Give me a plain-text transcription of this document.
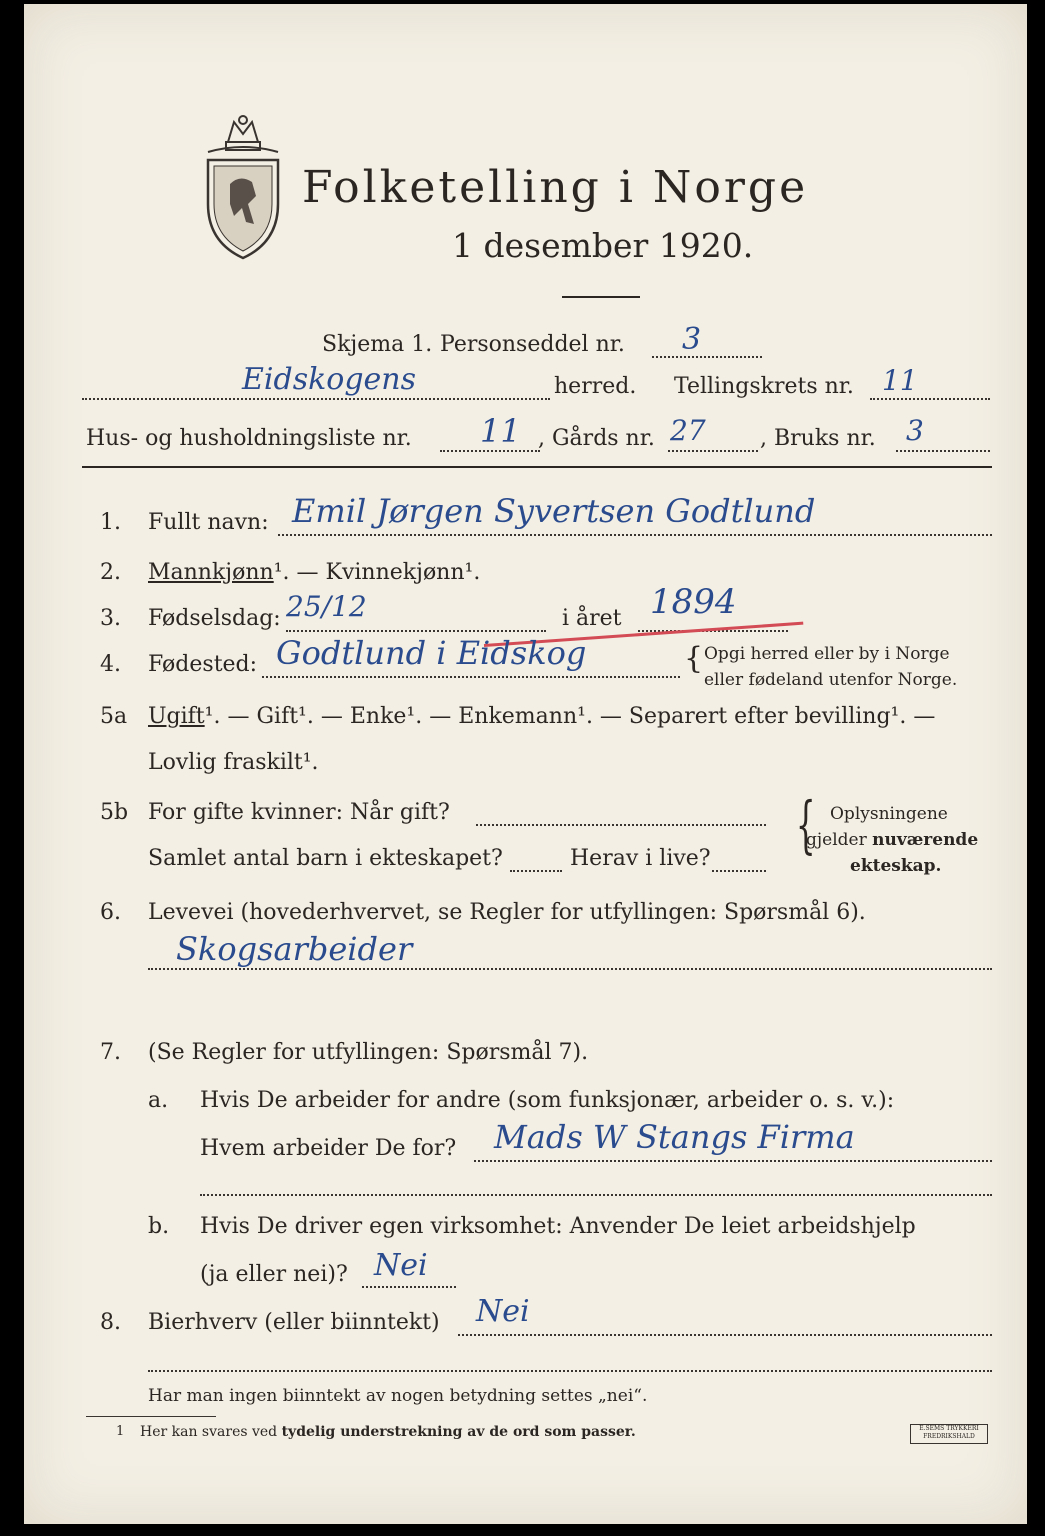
Folketelling i Norge
1 desember 1920.
Skjema 1. Personseddel nr. 3
Eidskogens	herred. Tellingskrets nr. 11
Hus- og husholdningsliste nr. 11 , Gårds nr. 27 , Bruks nr. 3
1. Fullt navn: Emil Jørgen Syvertsen Godtlund
2. Mannkjønn¹. — Kvinnekjønn¹.
3. Fødselsdag: 25/12	i året 1894
4. Fødested: Godtlund i Eidskog	{ Opgi herred eller by i Norge
eller fødeland utenfor Norge.
5a Ugift¹. — Gift¹. — Enke¹. — Enkemann¹. — Separert efter bevilling¹. —
Lovlig fraskilt¹.
5b For gifte kvinner: Når gift?
Samlet antal barn i ekteskapet?	Herav i live? { Oplysningene
gjelder nuværende
ekteskap.
6. Levevei (hovederhvervet, se Regler for utfyllingen: Spørsmål 6).
Skogsarbeider
7. (Se Regler for utfyllingen: Spørsmål 7).
a. Hvis De arbeider for andre (som funksjonær, arbeider o. s. v.):
Hvem arbeider De for? Mads W Stangs Firma
b. Hvis De driver egen virksomhet: Anvender De leiet arbeidshjelp
(ja eller nei)? Nei
8. Bierhverv (eller biinntekt) Nei
Har man ingen biinntekt av nogen betydning settes „nei“.
1 Her kan svares ved tydelig understrekning av de ord som passer.	E.SEMS TRYKKERI
FREDRIKSHALD
